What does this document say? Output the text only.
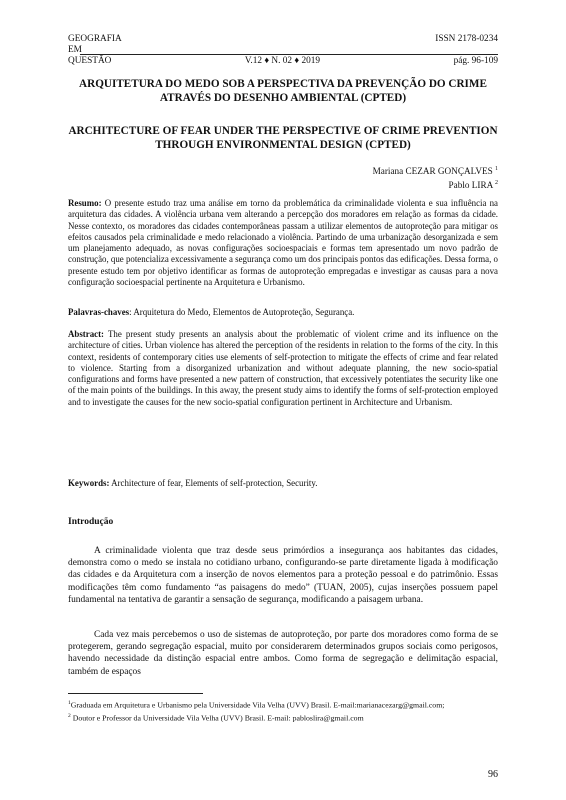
GEOGRAFIA	ISSN 2178-0234
EM
QUESTÃO	V.12 ♦ N. 02 ♦ 2019	pág. 96-109
ARQUITETURA DO MEDO SOB A PERSPECTIVA DA PREVENÇÃO DO CRIME ATRAVÉS DO DESENHO AMBIENTAL (CPTED)
ARCHITECTURE OF FEAR UNDER THE PERSPECTIVE OF CRIME PREVENTION THROUGH ENVIRONMENTAL DESIGN (CPTED)
Mariana CEZAR GONÇALVES $^1$
Pablo LIRA $^2$
Resumo: O presente estudo traz uma análise em torno da problemática da criminalidade violenta e sua influência na arquitetura das cidades. A violência urbana vem alterando a percepção dos moradores em relação as formas da cidade. Nesse contexto, os moradores das cidades contemporâneas passam a utilizar elementos de autoproteção para mitigar os efeitos causados pela criminalidade e medo relacionado a violência. Partindo de uma urbanização desorganizada e sem um planejamento adequado, as novas configurações socioespaciais e formas tem apresentado um novo padrão de construção, que potencializa excessivamente a segurança como um dos principais pontos das edificações. Dessa forma, o presente estudo tem por objetivo identificar as formas de autoproteção empregadas e investigar as causas para a nova configuração socioespacial pertinente na Arquitetura e Urbanismo.
Palavras-chaves: Arquitetura do Medo, Elementos de Autoproteção, Segurança.
Abstract: The present study presents an analysis about the problematic of violent crime and its influence on the architecture of cities. Urban violence has altered the perception of the residents in relation to the forms of the city. In this context, residents of contemporary cities use elements of self-protection to mitigate the effects of crime and fear related to violence. Starting from a disorganized urbanization and without adequate planning, the new socio-spatial configurations and forms have presented a new pattern of construction, that excessively potentiates the security like one of the main points of the buildings. In this away, the present study aims to identify the forms of self-protection employed and to investigate the causes for the new socio-spatial configuration pertinent in Architecture and Urbanism.
Keywords: Architecture of fear, Elements of self-protection, Security.
Introdução
A criminalidade violenta que traz desde seus primórdios a insegurança aos habitantes das cidades, demonstra como o medo se instala no cotidiano urbano, configurando-se parte diretamente ligada à modificação das cidades e da Arquitetura com a inserção de novos elementos para a proteção pessoal e do patrimônio. Essas modificações têm como fundamento “as paisagens do medo” (TUAN, 2005), cujas inserções possuem papel fundamental na tentativa de garantir a sensação de segurança, modificando a paisagem urbana.
Cada vez mais percebemos o uso de sistemas de autoproteção, por parte dos moradores como forma de se protegerem, gerando segregação espacial, muito por considerarem determinados grupos sociais como perigosos, havendo necessidade da distinção espacial entre ambos. Como forma de segregação e delimitação espacial, também de espaços
$^1$Graduada em Arquitetura e Urbanismo pela Universidade Vila Velha (UVV) Brasil. E-mail:marianacezarg@gmail.com;
$^2$ Doutor e Professor da Universidade Vila Velha (UVV) Brasil. E-mail: pabloslira@gmail.com
96
